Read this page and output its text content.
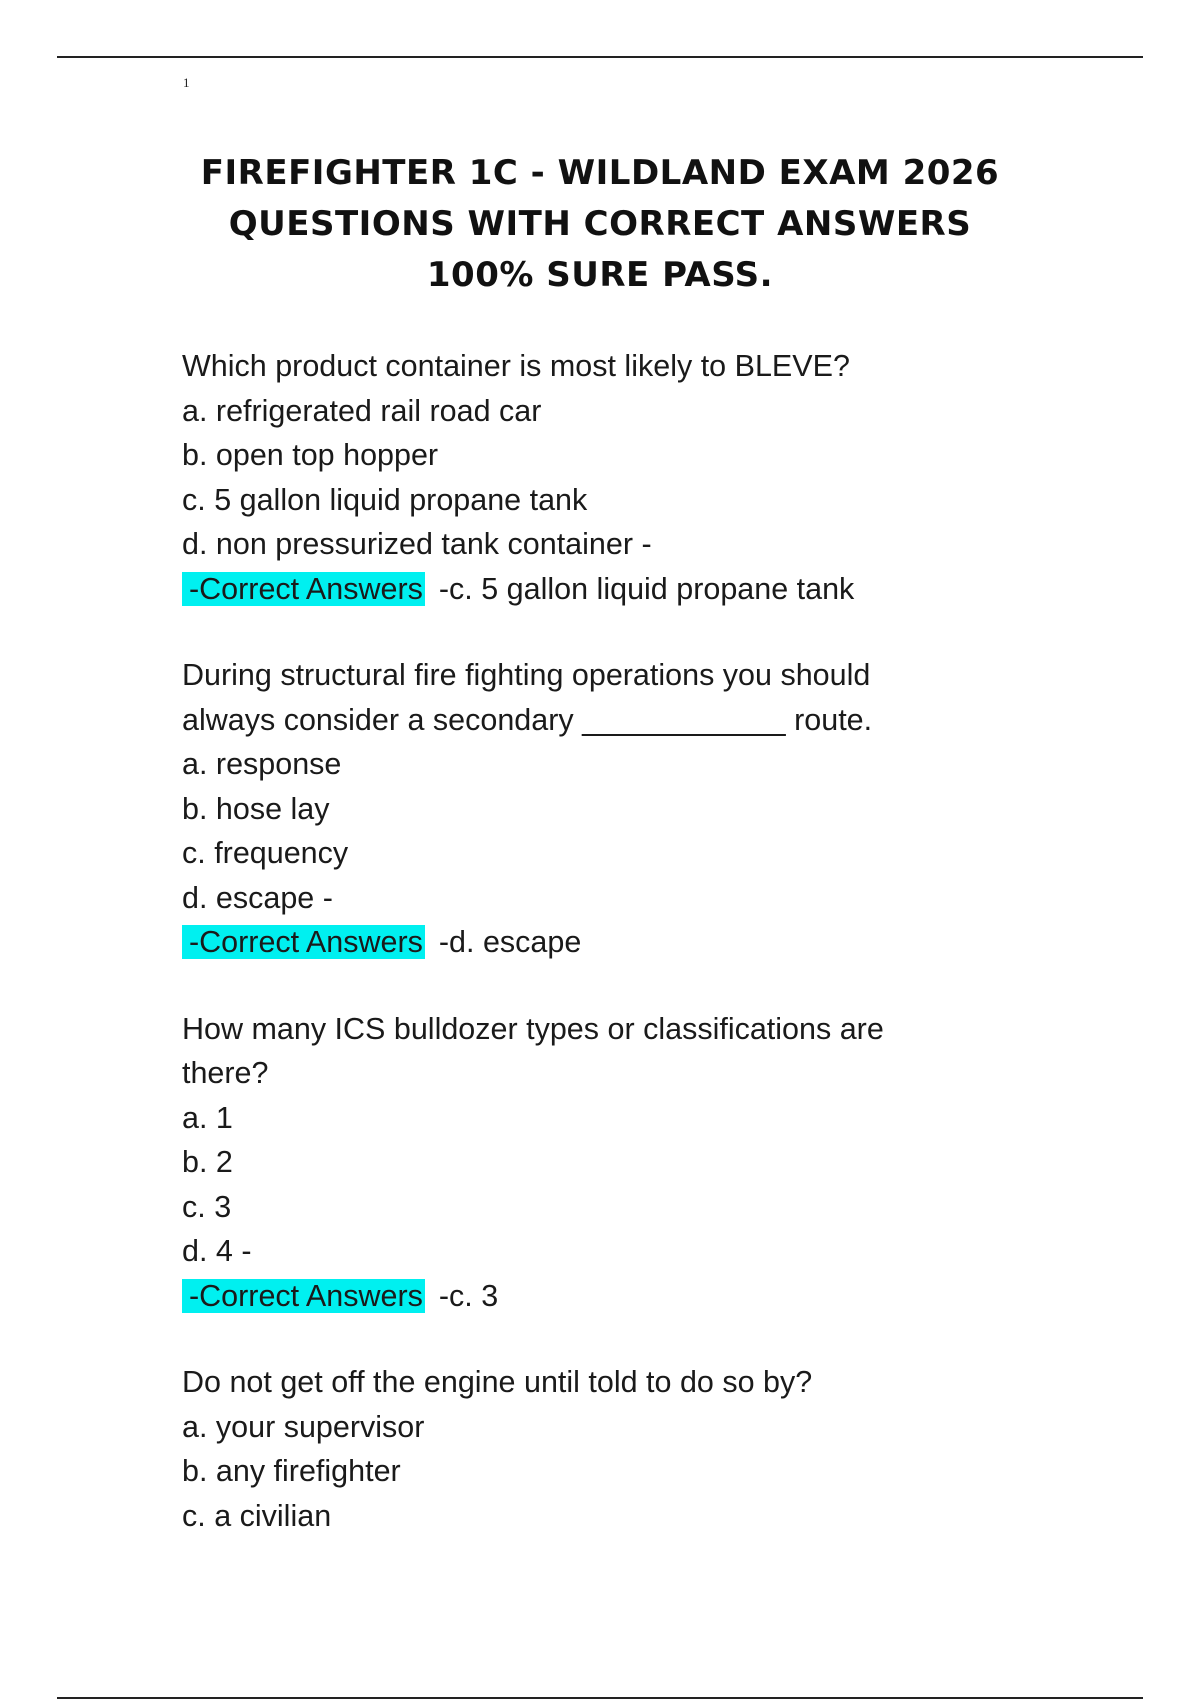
1
FIREFIGHTER 1C - WILDLAND EXAM 2026
QUESTIONS WITH CORRECT ANSWERS
100% SURE PASS.
Which product container is most likely to BLEVE?
a. refrigerated rail road car
b. open top hopper
c. 5 gallon liquid propane tank
d. non pressurized tank container -
-Correct Answers -c. 5 gallon liquid propane tank
During structural fire fighting operations you should
always consider a secondary ____________ route.
a. response
b. hose lay
c. frequency
d. escape -
-Correct Answers -d. escape
How many ICS bulldozer types or classifications are
there?
a. 1
b. 2
c. 3
d. 4 -
-Correct Answers -c. 3
Do not get off the engine until told to do so by?
a. your supervisor
b. any firefighter
c. a civilian
